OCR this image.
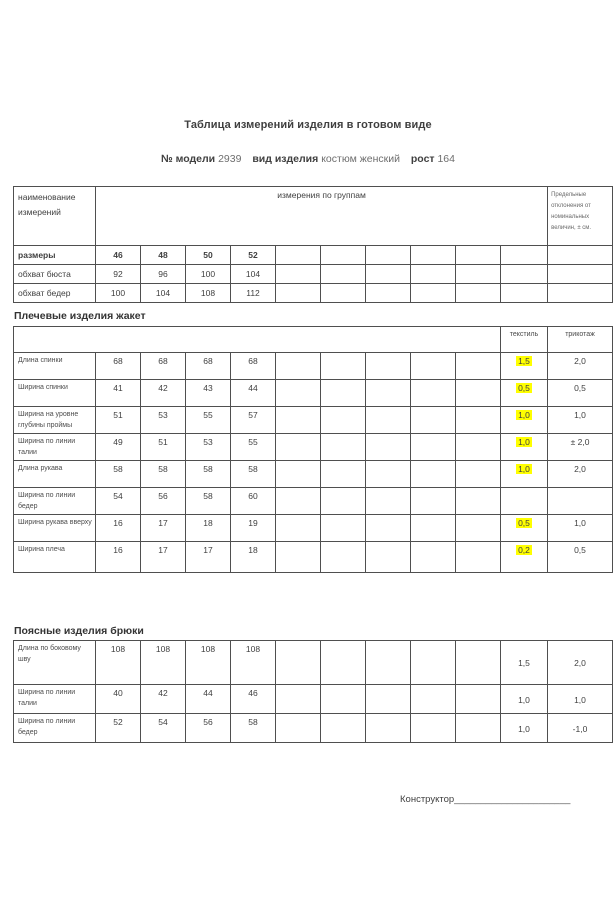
Таблица измерений изделия в готовом виде
№ модели 2939 вид изделия костюм женский рост 164
наименование измерений	измерения по группам										Предельные отклонения от номинальных величин, ± см.
размеры	46	48	50	52							
обхват бюста	92	96	100	104							
обхват бедер	100	104	108	112							
Плечевые изделия жакет
										текстиль	трикотаж
Длина спинки	68	68	68	68						1,5	2,0
Ширина спинки	41	42	43	44						0,5	0,5
Ширина на уровне глубины проймы	51	53	55	57						1,0	1,0
Ширина по линии талии	49	51	53	55						1,0	± 2,0
Длина рукава	58	58	58	58						1,0	2,0
Ширина по линии бедер	54	56	58	60							
Ширина рукава вверху	16	17	18	19						0,5	1,0
Ширина плеча	16	17	17	18						0,2	0,5
Поясные изделия брюки
Длина по боковому шву	108	108	108	108						1,5	2,0
Ширина по линии талии	40	42	44	46						1,0	1,0
Ширина по линии бедер	52	54	56	58						1,0	-1,0
Конструктор______________________
